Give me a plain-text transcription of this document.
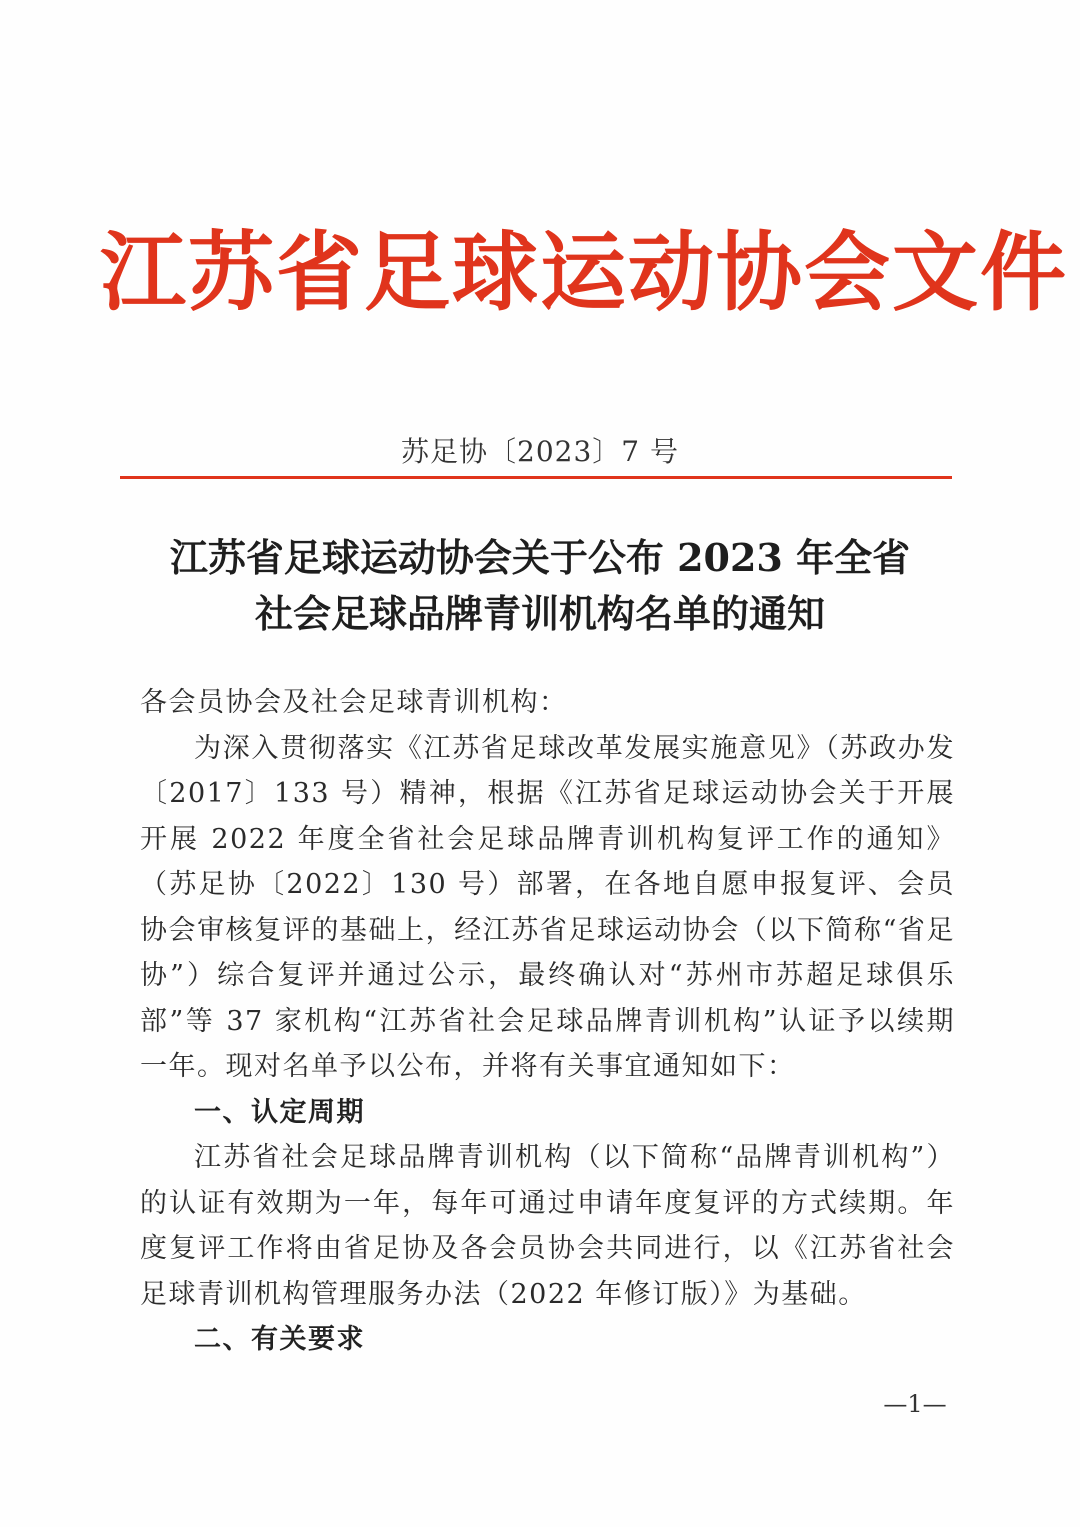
江苏省足球运动协会文件
苏足协〔2023〕7 号
江苏省足球运动协会关于公布 2023 年全省
社会足球品牌青训机构名单的通知

各会员协会及社会足球青训机构：

为深入贯彻落实《江苏省足球改革发展实施意见》（苏政办发〔2017〕133 号）精神，根据《江苏省足球运动协会关于开展开展 2022 年度全省社会足球品牌青训机构复评工作的通知》（苏足协〔2022〕130 号）部署，在各地自愿申报复评、会员协会审核复评的基础上，经江苏省足球运动协会（以下简称“省足协”）综合复评并通过公示，最终确认对“苏州市苏超足球俱乐部”等 37 家机构“江苏省社会足球品牌青训机构”认证予以续期一年。现对名单予以公布，并将有关事宜通知如下：

一、认定周期

江苏省社会足球品牌青训机构（以下简称“品牌青训机构”）的认证有效期为一年，每年可通过申请年度复评的方式续期。年度复评工作将由省足协及各会员协会共同进行，以《江苏省社会足球青训机构管理服务办法（2022 年修订版）》为基础。

二、有关要求

—1—
